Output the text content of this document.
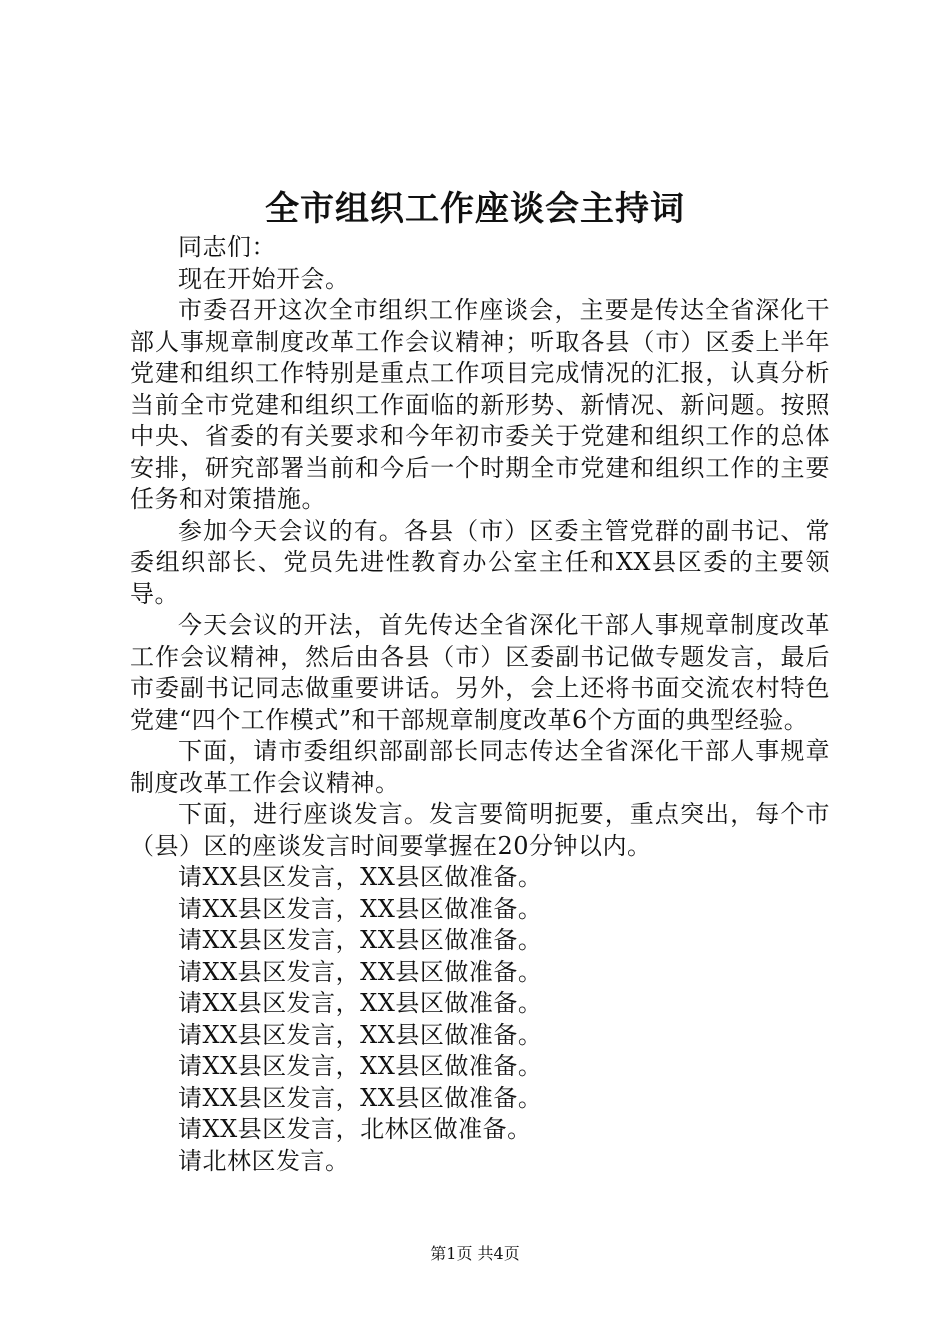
全市组织工作座谈会主持词

同志们：

现在开始开会。

市委召开这次全市组织工作座谈会，主要是传达全省深化干部人事规章制度改革工作会议精神；听取各县（市）区委上半年党建和组织工作特别是重点工作项目完成情况的汇报，认真分析当前全市党建和组织工作面临的新形势、新情况、新问题。按照中央、省委的有关要求和今年初市委关于党建和组织工作的总体安排，研究部署当前和今后一个时期全市党建和组织工作的主要任务和对策措施。

参加今天会议的有。各县（市）区委主管党群的副书记、常委组织部长、党员先进性教育办公室主任和XX县区委的主要领导。

今天会议的开法，首先传达全省深化干部人事规章制度改革工作会议精神，然后由各县（市）区委副书记做专题发言，最后市委副书记同志做重要讲话。另外，会上还将书面交流农村特色党建“四个工作模式”和干部规章制度改革6个方面的典型经验。

下面，请市委组织部副部长同志传达全省深化干部人事规章制度改革工作会议精神。

下面，进行座谈发言。发言要简明扼要，重点突出，每个市（县）区的座谈发言时间要掌握在20分钟以内。

请XX县区发言，XX县区做准备。

请XX县区发言，XX县区做准备。

请XX县区发言，XX县区做准备。

请XX县区发言，XX县区做准备。

请XX县区发言，XX县区做准备。

请XX县区发言，XX县区做准备。

请XX县区发言，XX县区做准备。

请XX县区发言，XX县区做准备。

请XX县区发言，北林区做准备。

请北林区发言。

第1页 共4页
